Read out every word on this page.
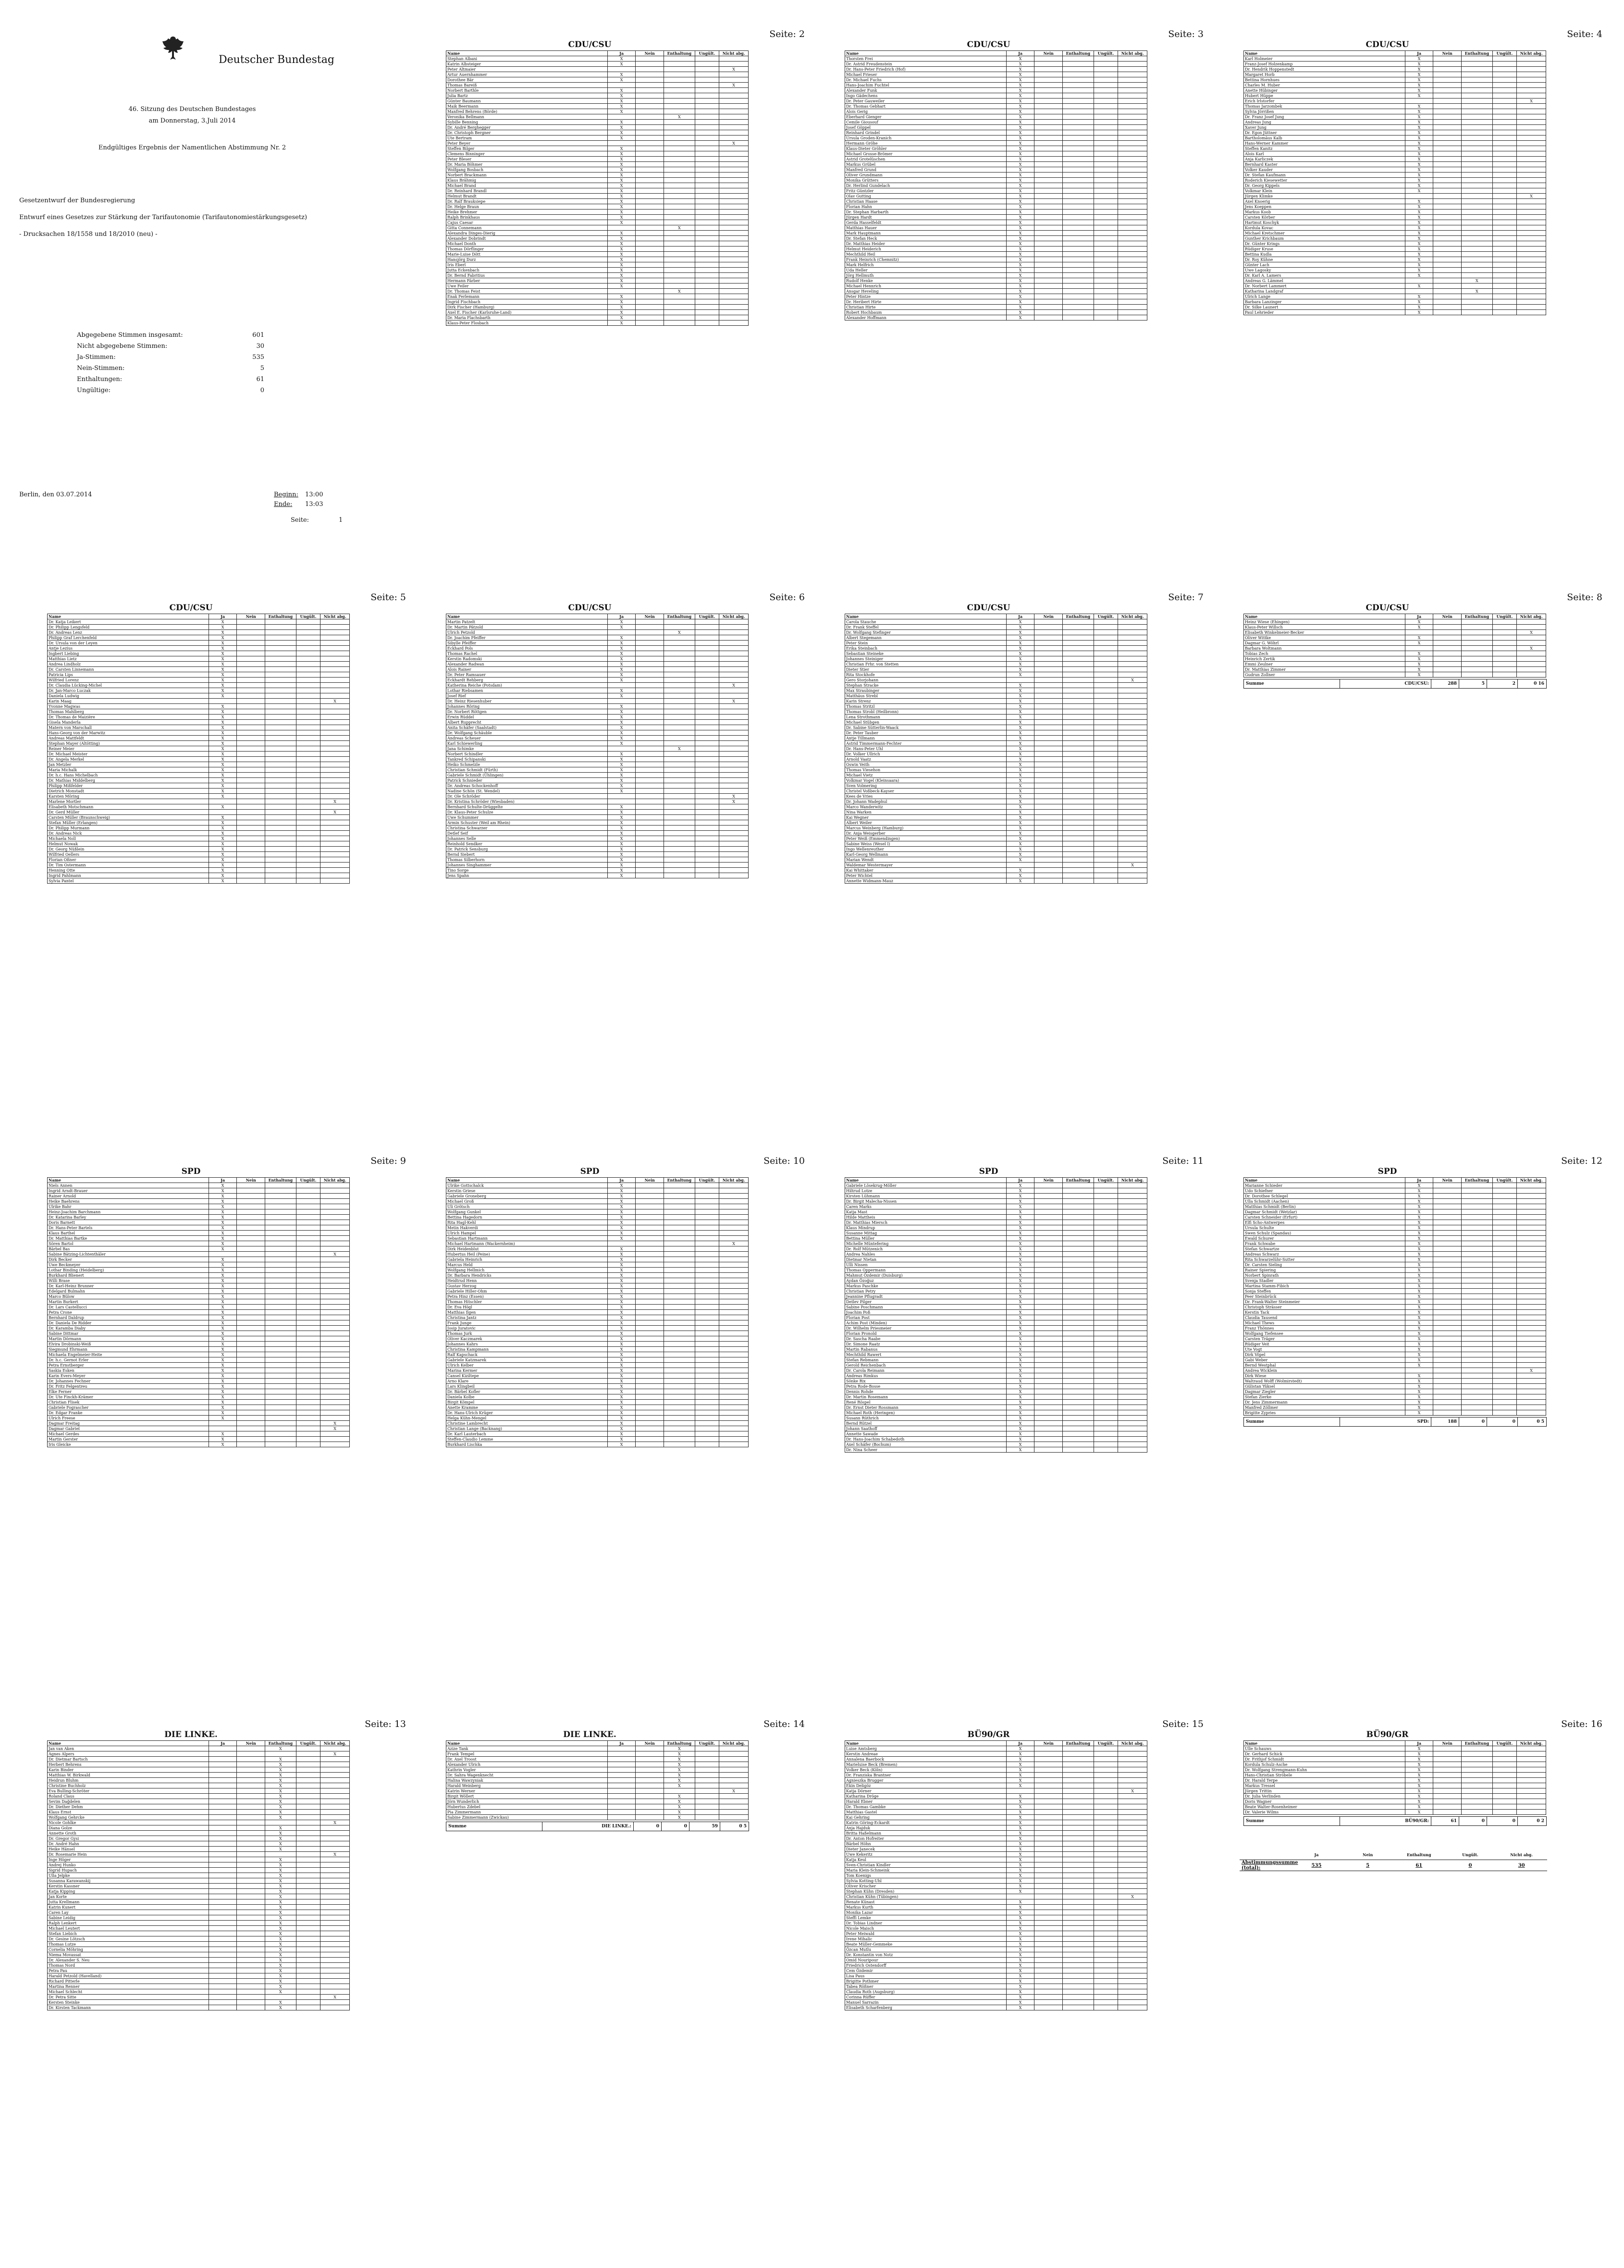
Deutscher Bundestag
46. Sitzung des Deutschen Bundestages
am Donnerstag, 3.Juli 2014
Endgültiges Ergebnis der Namentlichen Abstimmung Nr. 2
Gesetzentwurf der Bundesregierung
Entwurf eines Gesetzes zur Stärkung der Tarifautonomie (Tarifautonomiestärkungsgesetz)
- Drucksachen 18/1558 und 18/2010 (neu) -
Abgegebene Stimmen insgesamt:	601
Nicht abgegebene Stimmen:	30
Ja-Stimmen:	535
Nein-Stimmen:	5
Enthaltungen:	61
Ungültige:	0
Berlin, den 03.07.2014	Beginn: 13:00
Ende: 13:03
Seite:	1
Seite: 2
CDU/CSU
Name	Ja	Nein	Enthaltung	Ungült.	Nicht abg.
Stephan Albani	X				
Katrin Albsteiger	X				
Peter Altmaier					X
Artur Auernhammer	X				
Dorothee Bär	X				
Thomas Bareiß					X
Norbert Barthle	X				
Julia Bartz	X				
Günter Baumann	X				
Maik Beermann	X				
Manfred Behrens (Börde)	X				
Veronika Bellmann			X		
Sybille Benning	X				
Dr. André Berghegger	X				
Dr. Christoph Bergner	X				
Ute Bertram	X				
Peter Beyer					X
Steffen Bilger	X				
Clemens Binninger	X				
Peter Bleser	X				
Dr. Maria Böhmer	X				
Wolfgang Bosbach	X				
Norbert Brackmann	X				
Klaus Brähmig	X				
Michael Brand	X				
Dr. Reinhard Brandl	X				
Helmut Brandt	X				
Dr. Ralf Brauksiepe	X				
Dr. Helge Braun	X				
Heike Brehmer	X				
Ralph Brinkhaus	X				
Cajus Caesar	X				
Gitta Connemann			X		
Alexandra Dinges-Dierig	X				
Alexander Dobrindt	X				
Michael Donth	X				
Thomas Dörflinger	X				
Marie-Luise Dött	X				
Hansjörg Durz	X				
Iris Eberl	X				
Jutta Eckenbach	X				
Dr. Bernd Fabritius	X				
Hermann Färber	X				
Uwe Feiler	X				
Dr. Thomas Feist			X		
Enak Ferlemann	X				
Ingrid Fischbach	X				
Dirk Fischer (Hamburg)	X				
Axel E. Fischer (Karlsruhe-Land)	X				
Dr. Maria Flachsbarth	X				
Klaus-Peter Flosbach	X				
Seite: 3
CDU/CSU
Name	Ja	Nein	Enthaltung	Ungült.	Nicht abg.
Thorsten Frei	X				
Dr. Astrid Freudenstein	X				
Dr. Hans-Peter Friedrich (Hof)	X				
Michael Frieser	X				
Dr. Michael Fuchs	X				
Hans-Joachim Fuchtel	X				
Alexander Funk	X				
Ingo Gädechens	X				
Dr. Peter Gauweiler	X				
Dr. Thomas Gebhart	X				
Alois Gerig	X				
Eberhard Gienger	X				
Cemile Giousouf	X				
Josef Göppel	X				
Reinhard Grindel	X				
Ursula Groden-Kranich	X				
Hermann Gröhe	X				
Klaus-Dieter Gröhler	X				
Michael Grosse-Brömer	X				
Astrid Grotelüschen	X				
Markus Grübel	X				
Manfred Grund	X				
Oliver Grundmann	X				
Monika Grütters	X				
Dr. Herlind Gundelach	X				
Fritz Güntzler	X				
Olav Gutting	X				
Christian Haase	X				
Florian Hahn	X				
Dr. Stephan Harbarth	X				
Jürgen Hardt	X				
Gerda Hasselfeldt	X				
Matthias Hauer	X				
Mark Hauptmann	X				
Dr. Stefan Heck	X				
Dr. Matthias Heider	X				
Helmut Heiderich	X				
Mechthild Heil	X				
Frank Heinrich (Chemnitz)	X				
Mark Helfrich	X				
Uda Heller	X				
Jörg Hellmuth	X				
Rudolf Henke	X				
Michael Hennrich	X				
Ansgar Heveling	X				
Peter Hintze	X				
Dr. Heribert Hirte	X				
Christian Hirte	X				
Robert Hochbaum	X				
Alexander Hoffmann	X				
Seite: 4
CDU/CSU
Name	Ja	Nein	Enthaltung	Ungült.	Nicht abg.
Karl Holmeier	X				
Franz-Josef Holzenkamp	X				
Dr. Hendrik Hoppenstedt	X				
Margaret Horb	X				
Bettina Hornhues	X				
Charles M. Huber	X				
Anette Hübinger	X				
Hubert Hüppe	X				
Erich Irlstorfer					X
Thomas Jarzombek	X				
Sylvia Jörrißen	X				
Dr. Franz Josef Jung	X				
Andreas Jung	X				
Xaver Jung	X				
Dr. Egon Jüttner	X				
Bartholomäus Kalb	X				
Hans-Werner Kammer	X				
Steffen Kanitz	X				
Alois Karl	X				
Anja Karliczek	X				
Bernhard Kaster	X				
Volker Kauder	X				
Dr. Stefan Kaufmann	X				
Roderich Kiesewetter	X				
Dr. Georg Kippels	X				
Volkmar Klein	X				
Jürgen Klimke					X
Axel Knoerig	X				
Jens Koeppen	X				
Markus Koob	X				
Carsten Körber	X				
Hartmut Koschyk	X				
Kordula Kovac	X				
Michael Kretschmer	X				
Gunther Krichbaum	X				
Dr. Günter Krings	X				
Rüdiger Kruse	X				
Bettina Kudla	X				
Dr. Roy Kühne	X				
Günter Lach	X				
Uwe Lagosky	X				
Dr. Karl A. Lamers	X				
Andreas G. Lämmel			X		
Dr. Norbert Lammert	X				
Katharina Landgraf			X		
Ulrich Lange	X				
Barbara Lanzinger	X				
Dr. Silke Launert	X				
Paul Lehrieder	X				
Seite: 5
CDU/CSU
Name	Ja	Nein	Enthaltung	Ungült.	Nicht abg.
Dr. Katja Leikert	X				
Dr. Philipp Lengsfeld	X				
Dr. Andreas Lenz	X				
Philipp Graf Lerchenfeld	X				
Dr. Ursula von der Leyen	X				
Antje Lezius	X				
Ingbert Liebing	X				
Matthias Lietz	X				
Andrea Lindholz	X				
Dr. Carsten Linnemann	X				
Patricia Lips	X				
Wilfried Lorenz	X				
Dr. Claudia Lücking-Michel	X				
Dr. Jan-Marco Luczak	X				
Daniela Ludwig	X				
Karin Maag					X
Yvonne Magwas	X				
Thomas Mahlberg	X				
Dr. Thomas de Maizière	X				
Gisela Manderla	X				
Matern von Marschall	X				
Hans-Georg von der Marwitz	X				
Andreas Mattfeldt	X				
Stephan Mayer (Altötting)	X				
Reiner Meier	X				
Dr. Michael Meister	X				
Dr. Angela Merkel	X				
Jan Metzler	X				
Maria Michalk	X				
Dr. h.c. Hans Michelbach	X				
Dr. Mathias Middelberg	X				
Philipp Mißfelder	X				
Dietrich Monstadt	X				
Karsten Möring	X				
Marlene Mortler					X
Elisabeth Motschmann	X				
Dr. Gerd Müller					X
Carsten Müller (Braunschweig)	X				
Stefan Müller (Erlangen)	X				
Dr. Philipp Murmann	X				
Dr. Andreas Nick	X				
Michaela Noll	X				
Helmut Nowak	X				
Dr. Georg Nüßlein	X				
Wilfried Oellers	X				
Florian Oßner	X				
Dr. Tim Ostermann	X				
Henning Otte	X				
Ingrid Pahlmann	X				
Sylvia Pantel	X				
Seite: 6
CDU/CSU
Name	Ja	Nein	Enthaltung	Ungült.	Nicht abg.
Martin Patzelt	X				
Dr. Martin Pätzold	X				
Ulrich Petzold			X		
Dr. Joachim Pfeiffer	X				
Sibylle Pfeiffer	X				
Eckhard Pols	X				
Thomas Rachel	X				
Kerstin Radomski	X				
Alexander Radwan	X				
Alois Rainer	X				
Dr. Peter Ramsauer	X				
Eckhardt Rehberg	X				
Katherina Reiche (Potsdam)					X
Lothar Riebsamen	X				
Josef Rief	X				
Dr. Heinz Riesenhuber					X
Johannes Röring	X				
Dr. Norbert Röttgen	X				
Erwin Rüddel	X				
Albert Rupprecht	X				
Anita Schäfer (Saalstadt)	X				
Dr. Wolfgang Schäuble	X				
Andreas Scheuer	X				
Karl Schiewerling	X				
Jana Schimke			X		
Norbert Schindler	X				
Tankred Schipanski	X				
Heiko Schmelzle	X				
Christian Schmidt (Fürth)	X				
Gabriele Schmidt (Ühlingen)	X				
Patrick Schnieder	X				
Dr. Andreas Schockenhoff	X				
Nadine Schön (St. Wendel)	X				
Dr. Ole Schröder					X
Dr. Kristina Schröder (Wiesbaden)					X
Bernhard Schulte-Drüggelte	X				
Dr. Klaus-Peter Schulze	X				
Uwe Schummer	X				
Armin Schuster (Weil am Rhein)	X				
Christina Schwarzer	X				
Detlef Seif	X				
Johannes Selle	X				
Reinhold Sendker	X				
Dr. Patrick Sensburg	X				
Bernd Siebert	X				
Thomas Silberhorn	X				
Johannes Singhammer	X				
Tino Sorge	X				
Jens Spahn	X				
Seite: 7
CDU/CSU
Name	Ja	Nein	Enthaltung	Ungült.	Nicht abg.
Carola Stauche	X				
Dr. Frank Steffel	X				
Dr. Wolfgang Stefinger	X				
Albert Stegemann	X				
Peter Stein	X				
Erika Steinbach	X				
Sebastian Steineke	X				
Johannes Steiniger	X				
Christian Frhr. von Stetten	X				
Dieter Stier	X				
Rita Stockhofe	X				
Gero Storjohann					X
Stephan Stracke	X				
Max Straubinger	X				
Matthäus Strebl	X				
Karin Strenz	X				
Thomas Stritzl	X				
Thomas Strobl (Heilbronn)	X				
Lena Strothmann	X				
Michael Stübgen	X				
Dr. Sabine Sütterlin-Waack	X				
Dr. Peter Tauber	X				
Antje Tillmann	X				
Astrid Timmermann-Fechter	X				
Dr. Hans-Peter Uhl	X				
Dr. Volker Ullrich	X				
Arnold Vaatz	X				
Oswin Veith	X				
Thomas Viesehon	X				
Michael Vietz	X				
Volkmar Vogel (Kleinsaara)	X				
Sven Volmering	X				
Christel Voßbeck-Kayser	X				
Kees de Vries	X				
Dr. Johann Wadephul	X				
Marco Wanderwitz	X				
Nina Warken	X				
Kai Wegner	X				
Albert Weiler	X				
Marcus Weinberg (Hamburg)	X				
Dr. Anja Weisgerber	X				
Peter Weiß (Emmendingen)	X				
Sabine Weiss (Wesel I)	X				
Ingo Wellenreuther	X				
Karl-Georg Wellmann	X				
Marian Wendt	X				
Waldemar Westermayer					X
Kai Whittaker	X				
Peter Wichtel	X				
Annette Widmann-Mauz	X				
Seite: 8
CDU/CSU
Name	Ja	Nein	Enthaltung	Ungült.	Nicht abg.
Heinz Wiese (Ehingen)	X				
Klaus-Peter Willsch	X				
Elisabeth Winkelmeier-Becker					X
Oliver Wittke	X				
Dagmar G. Wöhrl	X				
Barbara Woltmann					X
Tobias Zech	X				
Heinrich Zertik	X				
Emmi Zeulner	X				
Dr. Matthias Zimmer	X				
Gudrun Zollner	X				
Summe	CDU/CSU:	288	5	2	0 16
Seite: 9
SPD
Name	Ja	Nein	Enthaltung	Ungült.	Nicht abg.
Niels Annen	X				
Ingrid Arndt-Brauer	X				
Rainer Arnold	X				
Heike Baehrens	X				
Ulrike Bahr	X				
Heinz-Joachim Barchmann	X				
Dr. Katarina Barley	X				
Doris Barnett	X				
Dr. Hans-Peter Bartels	X				
Klaus Barthel	X				
Dr. Matthias Bartke	X				
Sören Bartol	X				
Bärbel Bas	X				
Sabine Bätzing-Lichtenthäler					X
Dirk Becker	X				
Uwe Beckmeyer	X				
Lothar Binding (Heidelberg)	X				
Burkhard Blienert	X				
Willi Brase	X				
Dr. Karl-Heinz Brunner	X				
Edelgard Bulmahn	X				
Marco Bülow	X				
Martin Burkert	X				
Dr. Lars Castellucci	X				
Petra Crone	X				
Bernhard Daldrup	X				
Dr. Daniela De Ridder	X				
Dr. Karamba Diaby	X				
Sabine Dittmar	X				
Martin Dörmann	X				
Elvira Drobinski-Weiß	X				
Siegmund Ehrmann	X				
Michaela Engelmeier-Heite	X				
Dr. h.c. Gernot Erler	X				
Petra Ernstberger	X				
Saskia Esken	X				
Karin Evers-Meyer	X				
Dr. Johannes Fechner	X				
Dr. Fritz Felgentreu	X				
Elke Ferner	X				
Dr. Ute Finckh-Krämer	X				
Christian Flisek	X				
Gabriele Fograscher	X				
Dr. Edgar Franke	X				
Ulrich Freese	X				
Dagmar Freitag					X
Dagmar Gabriel					X
Michael Gerdes	X				
Martin Gerster	X				
Iris Gleicke	X				
Seite: 10
SPD
Name	Ja	Nein	Enthaltung	Ungült.	Nicht abg.
Ulrike Gottschalck	X				
Kerstin Griese	X				
Gabriele Groneberg	X				
Michael Groß	X				
Uli Grötsch	X				
Wolfgang Gunkel	X				
Bettina Hagedorn	X				
Rita Hagl-Kehl	X				
Metin Hakverdi	X				
Ulrich Hampel	X				
Sebastian Hartmann	X				
Michael Hartmann (Wackernheim)					X
Dirk Heidenblut	X				
Hubertus Heil (Peine)	X				
Gabriela Heinrich	X				
Marcus Held	X				
Wolfgang Hellmich	X				
Dr. Barbara Hendricks	X				
Heidtrud Henn	X				
Gustav Herzog	X				
Gabriele Hiller-Ohm	X				
Petra Hinz (Essen)	X				
Thomas Hitschler	X				
Dr. Eva Högl	X				
Matthias Ilgen	X				
Christina Jantz	X				
Frank Junge	X				
Josip Juratovic	X				
Thomas Jurk	X				
Oliver Kaczmarek	X				
Johannes Kahrs	X				
Christina Kampmann	X				
Ralf Kapschack	X				
Gabriele Katzmarek	X				
Ulrich Kelber	X				
Marina Kermer	X				
Cansel Kiziltepe	X				
Arno Klare	X				
Lars Klingbeil	X				
Dr. Bärbel Kofler	X				
Daniela Kolbe	X				
Birgit Kömpel	X				
Anette Kramme	X				
Dr. Hans-Ulrich Krüger	X				
Helga Kühn-Mengel	X				
Christine Lambrecht	X				
Christian Lange (Backnang)	X				
Dr. Karl Lauterbach	X				
Steffen-Claudio Lemme	X				
Burkhard Lischka	X				
Seite: 11
SPD
Name	Ja	Nein	Enthaltung	Ungült.	Nicht abg.
Gabriele Lösekrug-Möller	X				
Hiltrud Lotze	X				
Kirsten Lühmann	X				
Dr. Birgit Malecha-Nissen	X				
Caren Marks	X				
Katja Mast	X				
Hilde Mattheis	X				
Dr. Matthias Miersch	X				
Klaus Mindrup	X				
Susanne Mittag	X				
Bettina Müller	X				
Michelle Müntefering	X				
Dr. Rolf Mützenich	X				
Andrea Nahles	X				
Dietmar Nietan	X				
Ulli Nissen	X				
Thomas Oppermann	X				
Mahmut Özdemir (Duisburg)	X				
Aydan Özoğuz	X				
Markus Paschke	X				
Christian Petry	X				
Jeannine Pflugradt	X				
Detlev Pilger	X				
Sabine Poschmann	X				
Joachim Poß	X				
Florian Post	X				
Achim Post (Minden)	X				
Dr. Wilhelm Priesmeier	X				
Florian Pronold	X				
Dr. Sascha Raabe	X				
Dr. Simone Raatz	X				
Martin Rabanus	X				
Mechthild Rawert	X				
Stefan Rebmann	X				
Gerold Reichenbach	X				
Dr. Carola Reimann	X				
Andreas Rimkus	X				
Sönke Rix	X				
Petra Rode-Bosse	X				
Dennis Rohde	X				
Dr. Martin Rosemann	X				
René Röspel	X				
Dr. Ernst Dieter Rossmann	X				
Michael Roth (Heringen)	X				
Susann Rüthrich	X				
Bernd Rützel	X				
Johann Saathoff	X				
Annette Sawade	X				
Dr. Hans-Joachim Schabedoth	X				
Axel Schäfer (Bochum)	X				
Dr. Nina Scheer	X				
Seite: 12
SPD
Name	Ja	Nein	Enthaltung	Ungült.	Nicht abg.
Marianne Schieder	X				
Udo Schiefner	X				
Dr. Dorothee Schlegel	X				
Ulla Schmidt (Aachen)	X				
Matthias Schmidt (Berlin)	X				
Dagmar Schmidt (Wetzlar)	X				
Carsten Schneider (Erfurt)	X				
Elfi Scho-Antwerpes	X				
Ursula Schulte	X				
Swen Schulz (Spandau)	X				
Ewald Schurer	X				
Frank Schwabe	X				
Stefan Schwartze	X				
Andreas Schwarz	X				
Rita Schwarzelühr-Sutter	X				
Dr. Carsten Sieling	X				
Rainer Spiering	X				
Norbert Spinrath	X				
Svenja Stadler	X				
Martina Stamm-Fibich	X				
Sonja Steffen	X				
Peer Steinbrück	X				
Dr. Frank-Walter Steinmeier	X				
Christoph Strässer	X				
Kerstin Tack	X				
Claudia Tausend	X				
Michael Thews	X				
Franz Thönnes	X				
Wolfgang Tiefensee	X				
Carsten Träger	X				
Rüdiger Veit	X				
Ute Vogt	X				
Dirk Vöpel	X				
Gabi Weber	X				
Bernd Westphal	X				
Andrea Wicklein					X
Dirk Wiese	X				
Waltraud Wolff (Wolmirstedt)	X				
Gülistan Yüksel	X				
Dagmar Ziegler	X				
Stefan Zierke	X				
Dr. Jens Zimmermann	X				
Manfred Zöllmer	X				
Brigitte Zypries	X				
Summe	SPD:	188	0	0	0 5
Seite: 13
DIE LINKE.
Name	Ja	Nein	Enthaltung	Ungült.	Nicht abg.
Jan van Aken			X		
Agnes Alpers					X
Dr. Dietmar Bartsch			X		
Herbert Behrens			X		
Karin Binder			X		
Matthias W. Birkwald			X		
Heidrun Bluhm			X		
Christine Buchholz			X		
Eva Bulling-Schröter			X		
Roland Claus			X		
Sevim Dağdelen			X		
Dr. Diether Dehm			X		
Klaus Ernst			X		
Wolfgang Gehrcke			X		
Nicole Gohlke					X
Diana Golze			X		
Annette Groth			X		
Dr. Gregor Gysi			X		
Dr. André Hahn			X		
Heike Hänsel			X		
Dr. Rosemarie Hein					X
Inge Höger			X		
Andrej Hunko			X		
Sigrid Hupach			X		
Ulla Jelpke			X		
Susanna Karawanskij			X		
Kerstin Kassner			X		
Katja Kipping			X		
Jan Korte			X		
Jutta Krellmann			X		
Katrin Kunert			X		
Caren Lay			X		
Sabine Leidig			X		
Ralph Lenkert			X		
Michael Leutert			X		
Stefan Liebich			X		
Dr. Gesine Lötzsch			X		
Thomas Lutze			X		
Cornelia Möhring			X		
Niema Movassat			X		
Dr. Alexander S. Neu			X		
Thomas Nord			X		
Petra Pau			X		
Harald Petzold (Havelland)			X		
Richard Pitterle			X		
Martina Renner			X		
Michael Schlecht			X		
Dr. Petra Sitte					X
Kersten Steinke			X		
Dr. Kirsten Tackmann			X		
Seite: 14
DIE LINKE.
Name	Ja	Nein	Enthaltung	Ungült.	Nicht abg.
Azize Tank			X		
Frank Tempel			X		
Dr. Axel Troost			X		
Alexander Ulrich			X		
Kathrin Vogler			X		
Dr. Sahra Wagenknecht			X		
Halina Wawzyniak			X		
Harald Weinberg			X		
Katrin Werner					X
Birgit Wöllert			X		
Jörn Wunderlich			X		
Hubertus Zdebel			X		
Pia Zimmermann			X		
Sabine Zimmermann (Zwickau)			X		
Summe	DIE LINKE.:	0	0	59	0 5
Seite: 15
BÜ90/GR
Name	Ja	Nein	Enthaltung	Ungült.	Nicht abg.
Luise Amtsberg	X				
Kerstin Andreae	X				
Annalena Baerbock	X				
Marieluise Beck (Bremen)	X				
Volker Beck (Köln)	X				
Dr. Franziska Brantner	X				
Agnieszka Brugger	X				
Ekin Deligöz	X				
Katja Dörner					X
Katharina Dröge	X				
Harald Ebner	X				
Dr. Thomas Gambke	X				
Matthias Gastel	X				
Kai Gehring	X				
Katrin Göring-Eckardt	X				
Anja Hajduk	X				
Britta Haßelmann	X				
Dr. Anton Hofreiter	X				
Bärbel Höhn	X				
Dieter Janecek	X				
Uwe Kekeritz	X				
Katja Keul	X				
Sven-Christian Kindler	X				
Maria Klein-Schmeink	X				
Tom Koenigs	X				
Sylvia Kotting-Uhl	X				
Oliver Krischer	X				
Stephan Kühn (Dresden)	X				
Christian Kühn (Tübingen)					X
Renate Künast	X				
Markus Kurth	X				
Monika Lazar	X				
Steffi Lemke	X				
Dr. Tobias Lindner	X				
Nicole Maisch	X				
Peter Meiwald	X				
Irene Mihalic	X				
Beate Müller-Gemmeke	X				
Özcan Mutlu	X				
Dr. Konstantin von Notz	X				
Omid Nouripour	X				
Friedrich Ostendorff	X				
Cem Özdemir	X				
Lisa Paus	X				
Brigitte Pothmer	X				
Tabea Rößner	X				
Claudia Roth (Augsburg)	X				
Corinna Rüffer	X				
Manuel Sarrazin	X				
Elisabeth Scharfenberg	X				
Seite: 16
BÜ90/GR
Name	Ja	Nein	Enthaltung	Ungült.	Nicht abg.
Ulle Schauws	X				
Dr. Gerhard Schick	X				
Dr. Frithjof Schmidt	X				
Kordula Schulz-Asche	X				
Dr. Wolfgang Strengmann-Kuhn	X				
Hans-Christian Ströbele	X				
Dr. Harald Terpe	X				
Markus Tressel	X				
Jürgen Trittin	X				
Dr. Julia Verlinden	X				
Doris Wagner	X				
Beate Walter-Rosenheimer	X				
Dr. Valerie Wilms	X				
Summe	BÜ90/GR:	61	0	0	0 2
	Ja	Nein	Enthaltung	Ungült.	Nicht abg.
Abstimmungssumme (total):	535	5	61	0	30
